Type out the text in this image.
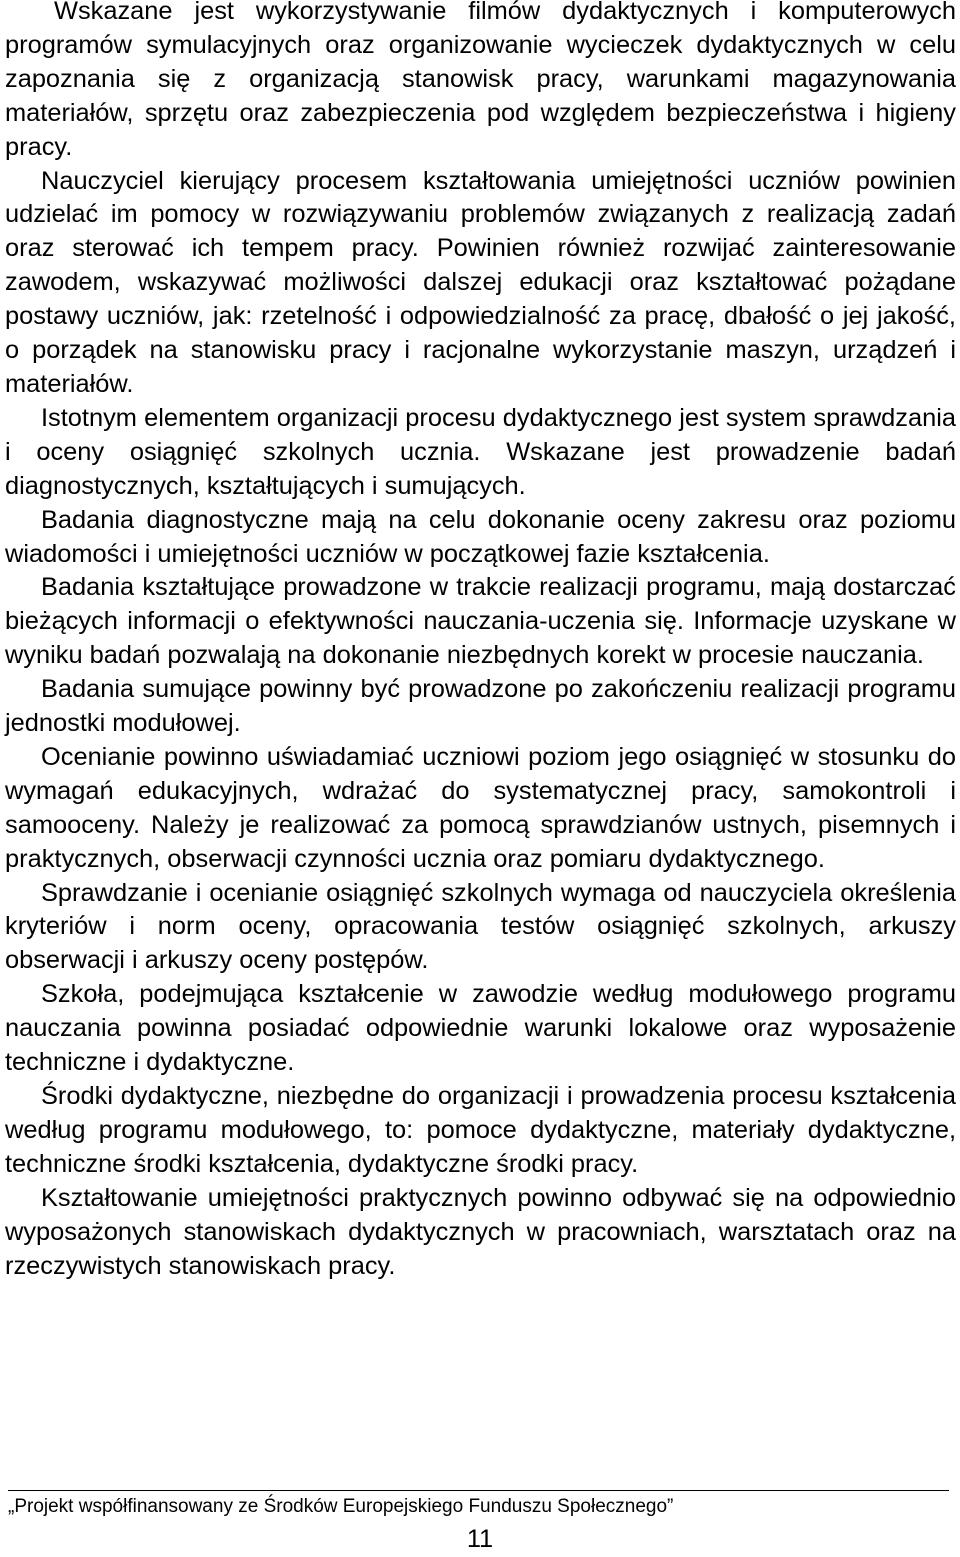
Wskazane jest wykorzystywanie filmów dydaktycznych i komputerowych programów symulacyjnych oraz organizowanie wycieczek dydaktycznych w celu zapoznania się z organizacją stanowisk pracy, warunkami magazynowania materiałów, sprzętu oraz zabezpieczenia pod względem bezpieczeństwa i higieny pracy.

Nauczyciel kierujący procesem kształtowania umiejętności uczniów powinien udzielać im pomocy w rozwiązywaniu problemów związanych z realizacją zadań oraz sterować ich tempem pracy. Powinien również rozwijać zainteresowanie zawodem, wskazywać możliwości dalszej edukacji oraz kształtować pożądane postawy uczniów, jak: rzetelność i odpowiedzialność za pracę, dbałość o jej jakość, o porządek na stanowisku pracy i racjonalne wykorzystanie maszyn, urządzeń i materiałów.

Istotnym elementem organizacji procesu dydaktycznego jest system sprawdzania i oceny osiągnięć szkolnych ucznia. Wskazane jest prowadzenie badań diagnostycznych, kształtujących i sumujących.

Badania diagnostyczne mają na celu dokonanie oceny zakresu oraz poziomu wiadomości i umiejętności uczniów w początkowej fazie kształcenia.

Badania kształtujące prowadzone w trakcie realizacji programu, mają dostarczać bieżących informacji o efektywności nauczania-uczenia się. Informacje uzyskane w wyniku badań pozwalają na dokonanie niezbędnych korekt w procesie nauczania.

Badania sumujące powinny być prowadzone po zakończeniu realizacji programu jednostki modułowej.

Ocenianie powinno uświadamiać uczniowi poziom jego osiągnięć w stosunku do wymagań edukacyjnych, wdrażać do systematycznej pracy, samokontroli i samooceny. Należy je realizować za pomocą sprawdzianów ustnych, pisemnych i praktycznych, obserwacji czynności ucznia oraz pomiaru dydaktycznego.

Sprawdzanie i ocenianie osiągnięć szkolnych wymaga od nauczyciela określenia kryteriów i norm oceny, opracowania testów osiągnięć szkolnych, arkuszy obserwacji i arkuszy oceny postępów.

Szkoła, podejmująca kształcenie w zawodzie według modułowego programu nauczania powinna posiadać odpowiednie warunki lokalowe oraz wyposażenie techniczne i dydaktyczne.

Środki dydaktyczne, niezbędne do organizacji i prowadzenia procesu kształcenia według programu modułowego, to: pomoce dydaktyczne, materiały dydaktyczne, techniczne środki kształcenia, dydaktyczne środki pracy.

Kształtowanie umiejętności praktycznych powinno odbywać się na odpowiednio wyposażonych stanowiskach dydaktycznych w pracowniach, warsztatach oraz na rzeczywistych stanowiskach pracy.

„Projekt współfinansowany ze Środków Europejskiego Funduszu Społecznego”
11
